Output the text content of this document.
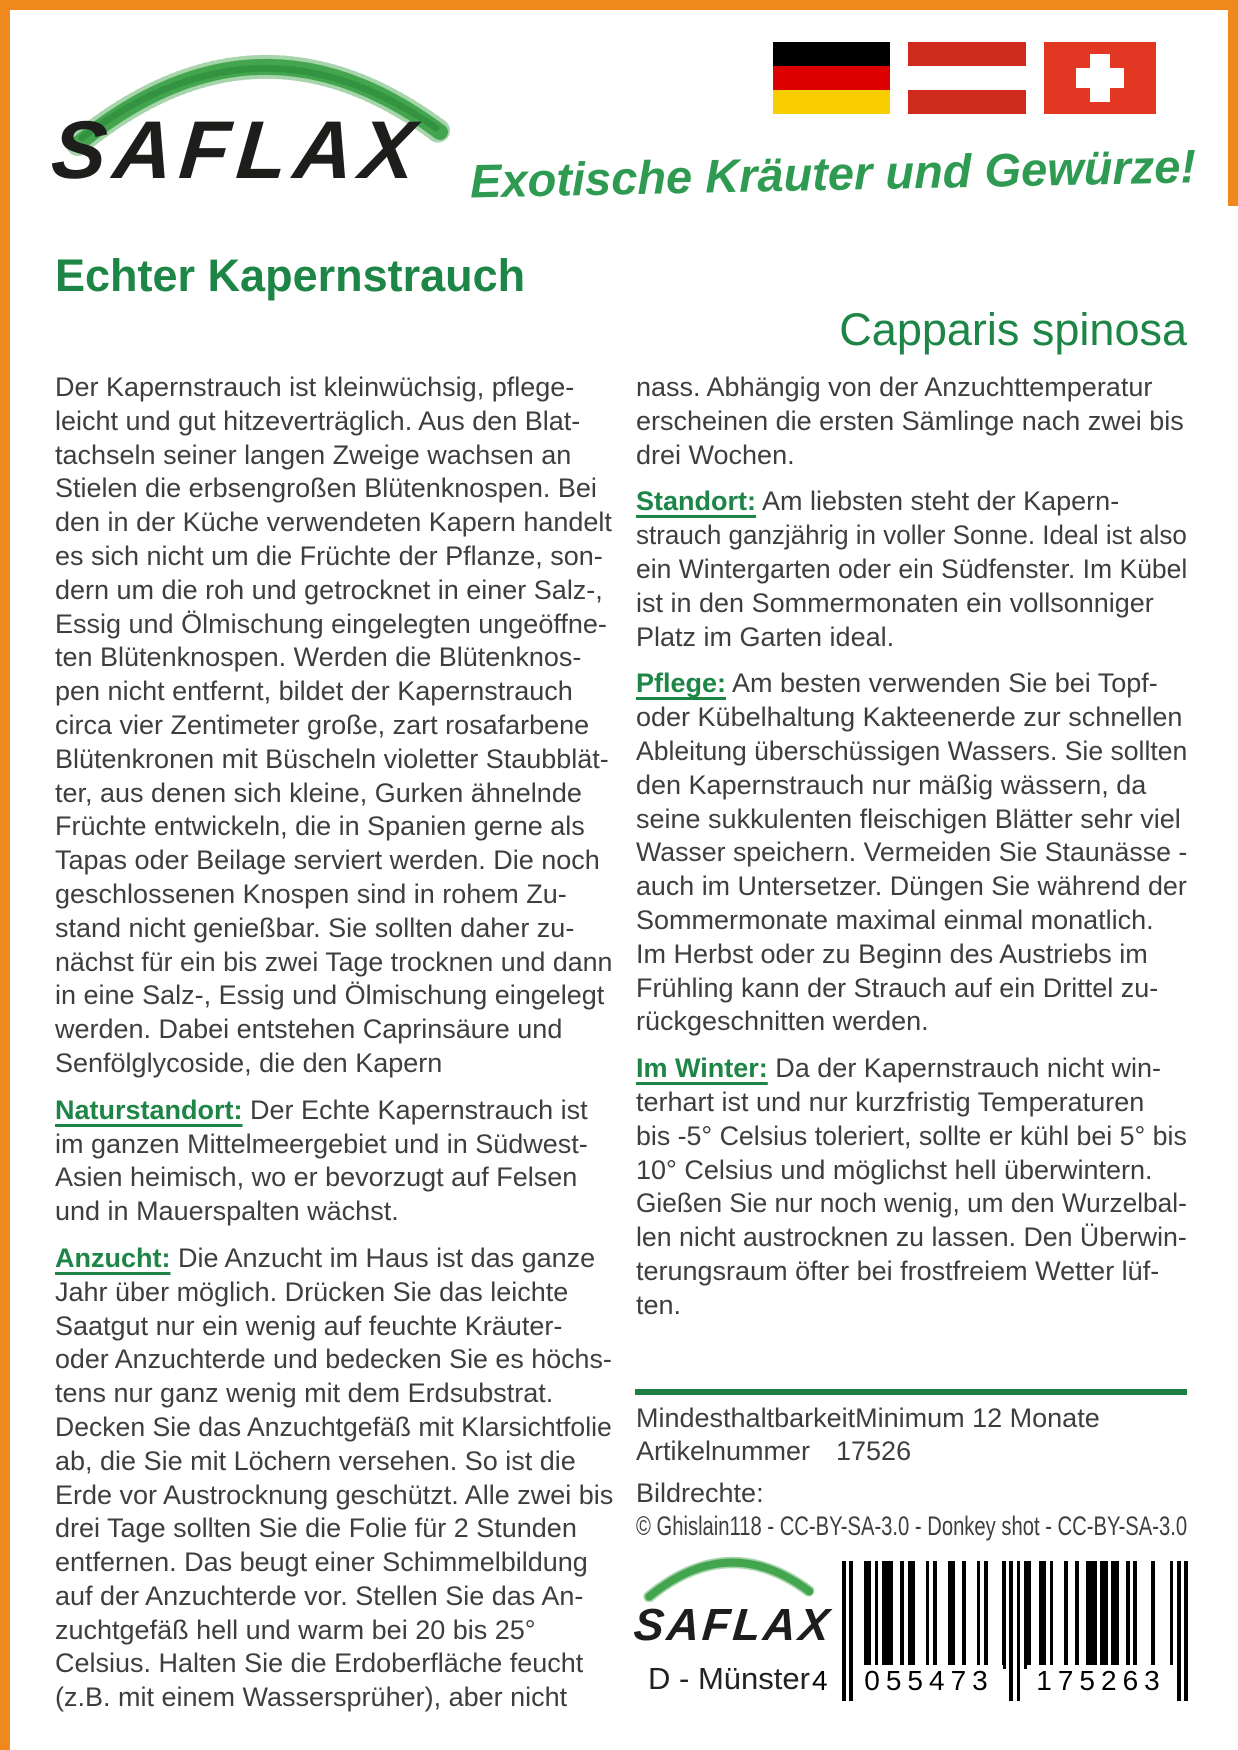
SAFLAX Exotische Kräuter und Gewürze!
Echter Kapernstrauch
Capparis spinosa
Der Kapernstrauch ist kleinwüchsig, pflege-
leicht und gut hitzeverträglich. Aus den Blat-
tachseln seiner langen Zweige wachsen an
Stielen die erbsengroßen Blütenknospen. Bei
den in der Küche verwendeten Kapern handelt
es sich nicht um die Früchte der Pflanze, son-
dern um die roh und getrocknet in einer Salz-,
Essig und Ölmischung eingelegten ungeöffne-
ten Blütenknospen. Werden die Blütenknos-
pen nicht entfernt, bildet der Kapernstrauch
circa vier Zentimeter große, zart rosafarbene
Blütenkronen mit Büscheln violetter Staubblät-
ter, aus denen sich kleine, Gurken ähnelnde
Früchte entwickeln, die in Spanien gerne als
Tapas oder Beilage serviert werden. Die noch
geschlossenen Knospen sind in rohem Zu-
stand nicht genießbar. Sie sollten daher zu-
nächst für ein bis zwei Tage trocknen und dann
in eine Salz-, Essig und Ölmischung eingelegt
werden. Dabei entstehen Caprinsäure und
Senfölglycoside, die den Kapern
Naturstandort: Der Echte Kapernstrauch ist
im ganzen Mittelmeergebiet und in Südwest-
Asien heimisch, wo er bevorzugt auf Felsen
und in Mauerspalten wächst.
Anzucht: Die Anzucht im Haus ist das ganze
Jahr über möglich. Drücken Sie das leichte
Saatgut nur ein wenig auf feuchte Kräuter-
oder Anzuchterde und bedecken Sie es höchs-
tens nur ganz wenig mit dem Erdsubstrat.
Decken Sie das Anzuchtgefäß mit Klarsichtfolie
ab, die Sie mit Löchern versehen. So ist die
Erde vor Austrocknung geschützt. Alle zwei bis
drei Tage sollten Sie die Folie für 2 Stunden
entfernen. Das beugt einer Schimmelbildung
auf der Anzuchterde vor. Stellen Sie das An-
zuchtgefäß hell und warm bei 20 bis 25°
Celsius. Halten Sie die Erdoberfläche feucht
(z.B. mit einem Wassersprüher), aber nicht
nass. Abhängig von der Anzuchttemperatur
erscheinen die ersten Sämlinge nach zwei bis
drei Wochen.
Standort: Am liebsten steht der Kapern-
strauch ganzjährig in voller Sonne. Ideal ist also
ein Wintergarten oder ein Südfenster. Im Kübel
ist in den Sommermonaten ein vollsonniger
Platz im Garten ideal.
Pflege: Am besten verwenden Sie bei Topf-
oder Kübelhaltung Kakteenerde zur schnellen
Ableitung überschüssigen Wassers. Sie sollten
den Kapernstrauch nur mäßig wässern, da
seine sukkulenten fleischigen Blätter sehr viel
Wasser speichern. Vermeiden Sie Staunässe -
auch im Untersetzer. Düngen Sie während der
Sommermonate maximal einmal monatlich.
Im Herbst oder zu Beginn des Austriebs im
Frühling kann der Strauch auf ein Drittel zu-
rückgeschnitten werden.
Im Winter: Da der Kapernstrauch nicht win-
terhart ist und nur kurzfristig Temperaturen
bis -5° Celsius toleriert, sollte er kühl bei 5° bis
10° Celsius und möglichst hell überwintern.
Gießen Sie nur noch wenig, um den Wurzelbal-
len nicht austrocknen zu lassen. Den Überwin-
terungsraum öfter bei frostfreiem Wetter lüf-
ten.
Mindesthaltbarkeit Minimum 12 Monate
Artikelnummer 17526
Bildrechte:
© Ghislain118 - CC-BY-SA-3.0 - Donkey shot - CC-BY-SA-3.0
SAFLAX
D - Münster 4	055473	175263
